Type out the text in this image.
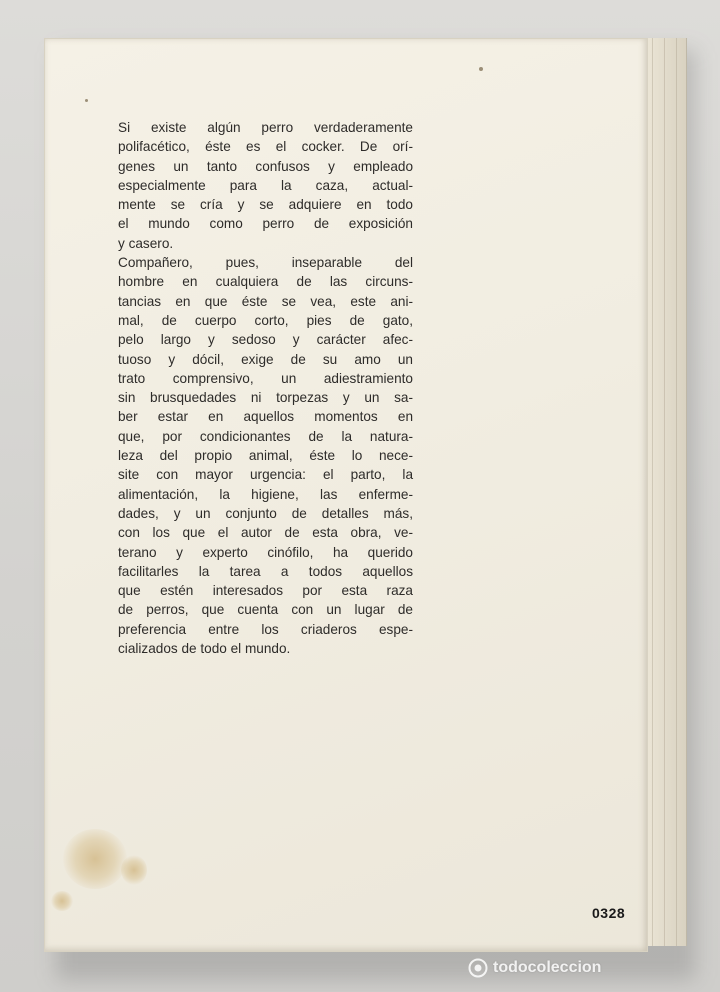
Si existe algún perro verdaderamente
polifacético, éste es el cocker. De orí-
genes un tanto confusos y empleado
especialmente para la caza, actual-
mente se cría y se adquiere en todo
el mundo como perro de exposición
y casero.
Compañero, pues, inseparable del
hombre en cualquiera de las circuns-
tancias en que éste se vea, este ani-
mal, de cuerpo corto, pies de gato,
pelo largo y sedoso y carácter afec-
tuoso y dócil, exige de su amo un
trato comprensivo, un adiestramiento
sin brusquedades ni torpezas y un sa-
ber estar en aquellos momentos en
que, por condicionantes de la natura-
leza del propio animal, éste lo nece-
site con mayor urgencia: el parto, la
alimentación, la higiene, las enferme-
dades, y un conjunto de detalles más,
con los que el autor de esta obra, ve-
terano y experto cinófilo, ha querido
facilitarles la tarea a todos aquellos
que estén interesados por esta raza
de perros, que cuenta con un lugar de
preferencia entre los criaderos espe-
cializados de todo el mundo.
0328
todocoleccion
